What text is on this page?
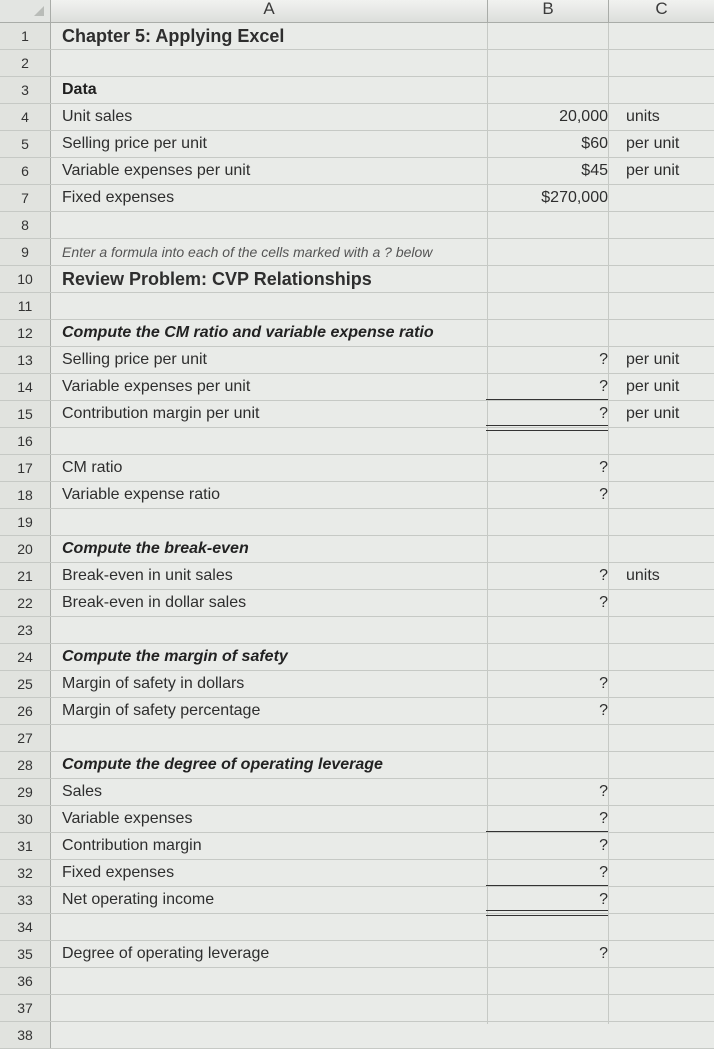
A	B	C
1	Chapter 5: Applying Excel
2
3	Data
4	Unit sales	20,000 units
5	Selling price per unit	$60 per unit
6	Variable expenses per unit	$45 per unit
7	Fixed expenses	$270,000
8
9	Enter a formula into each of the cells marked with a ? below
10	Review Problem: CVP Relationships
11
12	Compute the CM ratio and variable expense ratio
13	Selling price per unit	? per unit
14	Variable expenses per unit	? per unit
15	Contribution margin per unit	? per unit
16
17	CM ratio	?
18	Variable expense ratio	?
19
20	Compute the break-even
21	Break-even in unit sales	? units
22	Break-even in dollar sales	?
23
24	Compute the margin of safety
25	Margin of safety in dollars	?
26	Margin of safety percentage	?
27
28	Compute the degree of operating leverage
29	Sales	?
30	Variable expenses	?
31	Contribution margin	?
32	Fixed expenses	?
33	Net operating income	?
34
35	Degree of operating leverage	?
36
37
38
